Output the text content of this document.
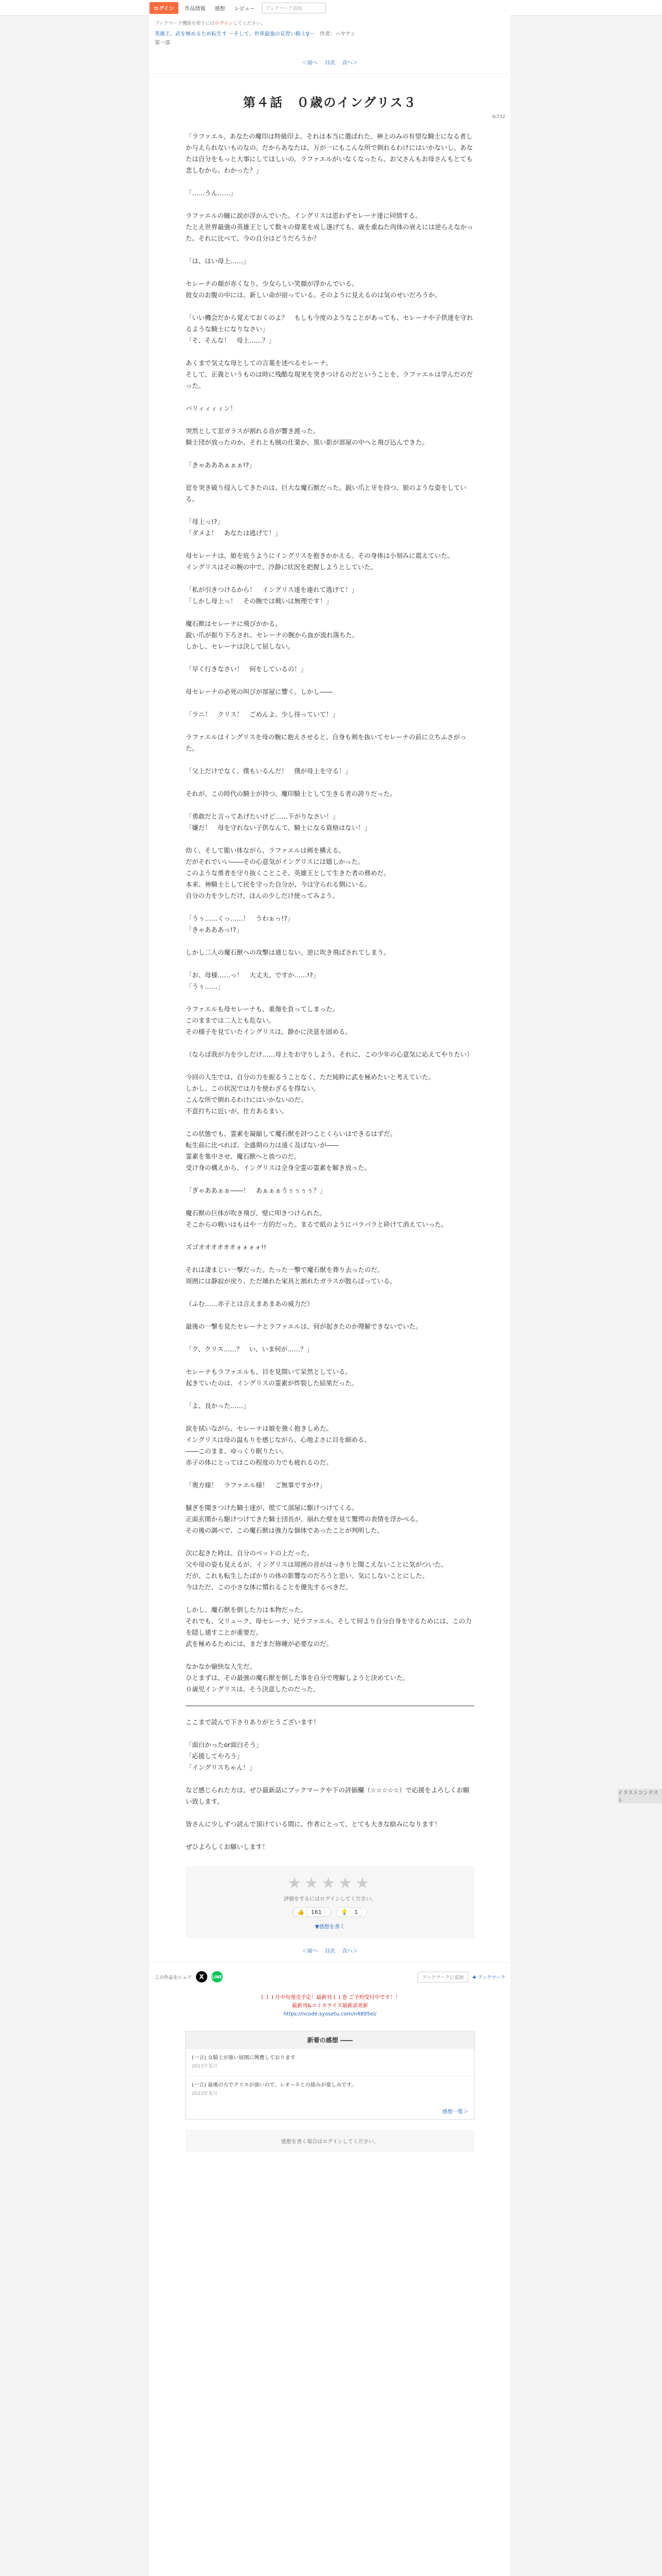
ログイン	作品情報	感想	レビュー	ブックマーク追加
ブックマーク機能を使うにはログインしてください。
英雄王、武を極めるため転生す ～そして、世界最強の見習い騎士♀～　 作者：ハヤケン
第一部
＜前へ 目次 次へ＞
4/232
第４話　０歳のイングリス３

「ラファエル、あなたの魔印は特級印よ。それは本当に選ばれた、神上のみの有望な騎士になる者しか与えられないものなの。だからあなたは、万が一にもこんな所で倒れるわけにはいかないし、あなたは自分をもっと大事にしてほしいの。ラファエルがいなくなったら、お父さんもお母さんもとても悲しむから。わかった？」

「……うん……」

ラファエルの瞳に涙が浮かんでいた。イングリスは思わずセレーナ達に同情する。

たとえ世界最強の英雄王として数々の偉業を成し遂げても、歳を重ねた肉体の衰えには逆らえなかった。それに比べて、今の自分はどうだろうか？

「は、はい母上……」

セレーナの顔が赤くなり、少女らしい笑顔が浮かんでいる。

彼女のお腹の中には、新しい命が宿っている。そのように見えるのは気のせいだろうか。

「いい機会だから覚えておくのよ？　もしも今度のようなことがあっても、セレーナや子供達を守れるような騎士になりなさい」

「そ、そんな！　母上……？」

あくまで気丈な母としての言葉を述べるセレーナ。

そして、正義というものは時に残酷な現実を突きつけるのだということを、ラファエルは学んだのだった。

バリィィィィン！

突然として窓ガラスが割れる音が響き渡った。

騎士団が放ったのか、それとも賊の仕業か、黒い影が部屋の中へと飛び込んできた。

「きゃあああぁぁぁ!?」

窓を突き破り侵入してきたのは、巨大な魔石獣だった。鋭い爪と牙を持つ、狼のような姿をしている。

「母上っ!?」

「ダメよ！　あなたは逃げて！」

母セレーナは、娘を庇うようにイングリスを抱きかかえる。その身体は小刻みに震えていた。

イングリスはその腕の中で、冷静に状況を把握しようとしていた。

「私が引きつけるから！　イングリス達を連れて逃げて！」

「しかし母上っ！　その腕では戦いは無理です！」

魔石獣はセレーナに飛びかかる。

鋭い爪が振り下ろされ、セレーナの腕から血が流れ落ちた。

しかし、セレーナは決して屈しない。

「早く行きなさい！　何をしているの！」

母セレーナの必死の叫びが部屋に響く。しかし――

「ラニ！　クリス！　ごめんよ、少し待っていて！」

ラファエルはイングリスを母の腕に抱えさせると、自身も剣を抜いてセレーナの前に立ちふさがった。

「父上だけでなく、僕もいるんだ！　僕が母上を守る！」

それが、この時代の騎士が持つ、魔印騎士として生きる者の誇りだった。

「勇敢だと言ってあげたいけど……下がりなさい！」

「嫌だ！　母を守れない子供なんて、騎士になる資格はない！」

幼く、そして脆い体ながら、ラファエルは剣を構える。

だがそれでいい――その心意気がイングリスには嬉しかった。

このような勇者を守り抜くことこそ、英雄王として生きた者の務めだ。

本来、神騎士として民を守った自分が、今は守られる側にいる。

自分の力を少しだけ、ほんの少しだけ使ってみよう。

「うぅ……くっ……！　うわぁっ!?」

「きゃあああっ!?」

しかし二人の魔石獣への攻撃は通じない。逆に吹き飛ばされてしまう。

「お、母様……っ！　大丈夫、ですか……!?」

「うぅ……」

ラファエルも母セレーナも、重傷を負ってしまった。

このままでは二人とも危ない。

その様子を見ていたイングリスは、静かに決意を固める。

（ならば我が力を少しだけ……母上をお守りしよう。それに、この少年の心意気に応えてやりたい）

今回の人生では、自分の力を振るうことなく、ただ純粋に武を極めたいと考えていた。

しかし、この状況では力を使わざるを得ない。

こんな所で倒れるわけにはいかないのだ。

不意打ちに近いが、仕方あるまい。

この状態でも、霊素を凝縮して魔石獣を討つことくらいはできるはずだ。

転生前に比べれば、全盛期の力は遠く及ばないが――

霊素を集中させ、魔石獣へと放つのだ。

受け身の構えから、イングリスは全身全霊の霊素を解き放った。

「ぎゃああぁぁ――！　あぁぁぁうぅぅぅぅ？」

魔石獣の巨体が吹き飛び、壁に叩きつけられた。

そこからの戦いはもはや一方的だった。まるで紙のようにバラバラと砕けて消えていった。

ズゴオオオオオオォォォォ!!

それは凄まじい一撃だった。たった一撃で魔石獣を葬り去ったのだ。

周囲には静寂が戻り、ただ壊れた家具と割れたガラスが散らばっている。

（ふむ……赤子とは言えまあまあの威力だ）

最後の一撃を見たセレーナとラファエルは、何が起きたのか理解できないでいた。

「ク、クリス……？　い、いま何が……？」

セレーナもラファエルも、目を見開いて呆然としている。

起きていたのは、イングリスの霊素が炸裂した結果だった。

「よ、良かった……」

涙を拭いながら、セレーナは娘を強く抱きしめた。

イングリスは母の温もりを感じながら、心地よさに目を細める。

――このまま、ゆっくり眠りたい。

赤子の体にとってはこの程度の力でも疲れるのだ。

「奥方様！　ラファエル様！　ご無事ですか!?」

騒ぎを聞きつけた騎士達が、慌てて部屋に駆けつけてくる。

正面玄関から駆けつけてきた騎士団長が、崩れた壁を見て驚愕の表情を浮かべる。

その後の調べで、この魔石獣は強力な個体であったことが判明した。

次に起きた時は、自分のベッドの上だった。

父や母の姿も見えるが、イングリスは周囲の音がはっきりと聞こえないことに気がついた。

だが、これも転生したばかりの体の影響なのだろうと思い、気にしないことにした。

今はただ、この小さな体に慣れることを優先するべきだ。

しかし、魔石獣を倒した力は本物だった。

それでも、父リューク、母セレーナ、兄ラファエル、そして何より自分自身を守るためには、この力を隠し通すことが重要だ。

武を極めるためには、まだまだ修練が必要なのだ。

なかなか愉快な人生だ。

ひとまずは、その最強の魔石獣を倒した事を自分で理解しようと決めていた。

０歳児イングリスは、そう決意したのだった。

ここまで読んで下さりありがとうございます！

「面白かったor面白そう」

「応援してやろう」

「イングリスちゃん！」

など感じられた方は、ぜひ最新話にブックマークや下の評価欄（☆☆☆☆☆）で応援をよろしくお願い致します。

皆さんに少しずつ読んで頂けている間に、作者にとって、とても大きな励みになります！

ぜひよろしくお願いします！

★★★★★
評価をするにはログインしてください。
👍 161	💡 1
▼感想を書く
＜前へ 目次 次へ＞
この作品をシェア	X	LINE	ブックマークに追加	✚ ブックマーク
１１１月中旬発売予定！最新刊１１巻 ご予約受付中です！！
最新刊&コミカライズ最新話更新
https://ncode.syosetu.com/n4895ei/
新着の感想 ――
(一言) 女騎士が強い展開に興奮しております
2023年某月
(一言) 最後の方でクリスが強いので、レオーネとの絡みが楽しみです。
2023年某月
感想一覧＞
感想を書く場合はログインしてください。
イラストコンテスト
